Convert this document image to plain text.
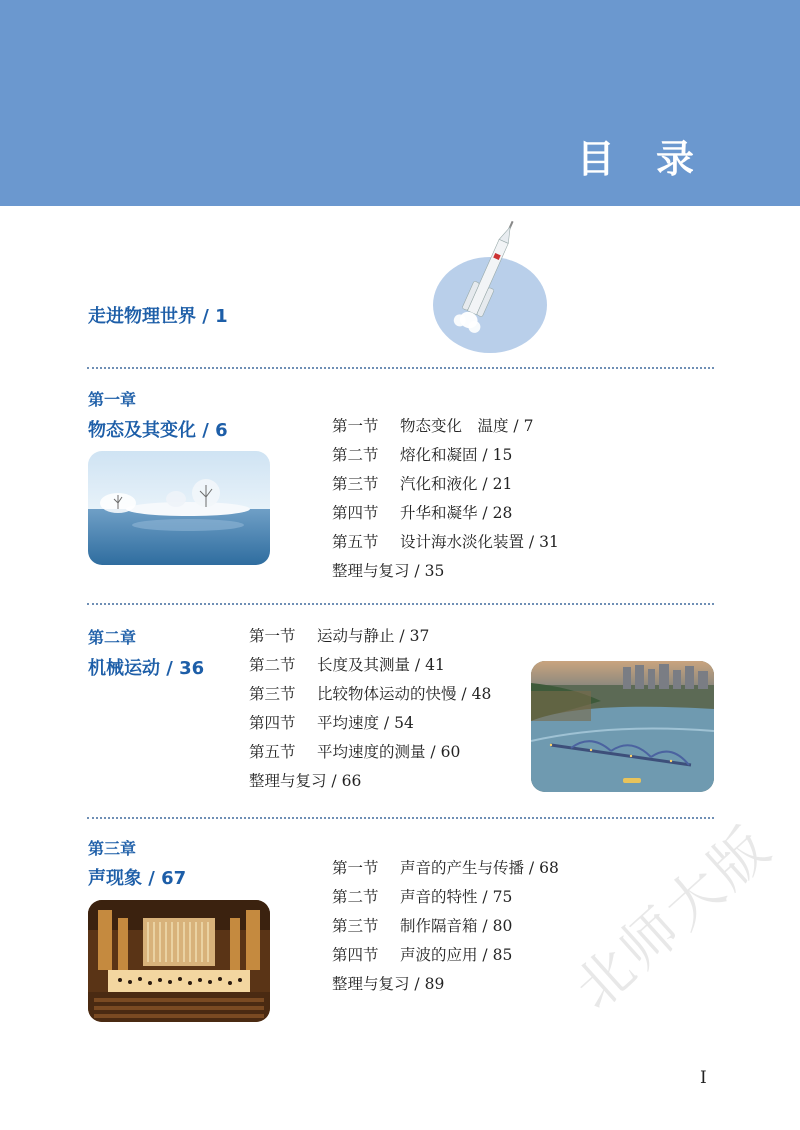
目 录
走进物理世界 / 1
第一章
物态及其变化 / 6	第一节 物态变化　温度 / 7
第二节 熔化和凝固 / 15
第三节 汽化和液化 / 21
第四节 升华和凝华 / 28
第五节 设计海水淡化装置 / 31
整理与复习 / 35
第二章
机械运动 / 36
第一节 运动与静止 / 37
第二节 长度及其测量 / 41
第三节 比较物体运动的快慢 / 48
第四节 平均速度 / 54
第五节 平均速度的测量 / 60
整理与复习 / 66
第三章
声现象 / 67	第一节 声音的产生与传播 / 68
第二节 声音的特性 / 75
第三节 制作隔音箱 / 80
第四节 声波的应用 / 85
整理与复习 / 89	北师大版
I
